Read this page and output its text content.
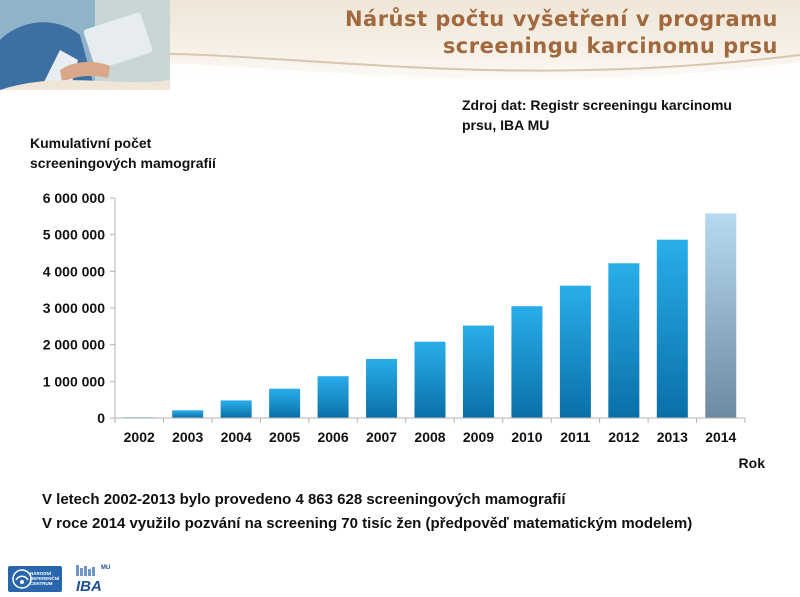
Nárůst počtu vyšetření v programu
screeningu karcinomu prsu
Zdroj dat: Registr screeningu karcinomu
prsu, IBA MU
Kumulativní počet
screeningových mamografií
0
1 000 000
2 000 000
3 000 000
4 000 000
5 000 000
6 000 000
2002 2003 2004 2005 2006 2007 2008 2009 2010 2011 2012 2013 2014
Rok
V letech 2002-2013 bylo provedeno 4 863 628 screeningových mamografií
V roce 2014 využilo pozvání na screening 70 tisíc žen (předpověď matematickým modelem)
NÁRODNÍ REFERENČNÍ CENTRUM	IBA
MU
